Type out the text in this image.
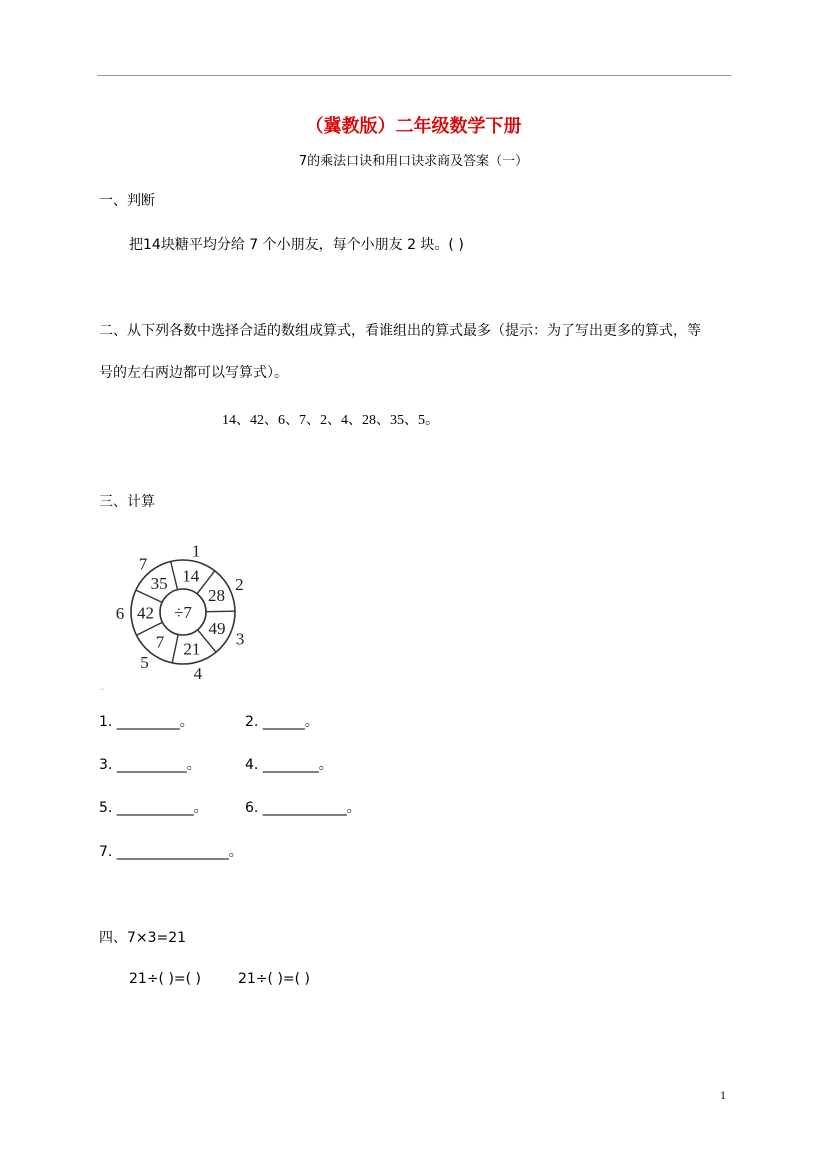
（冀教版）二年级数学下册
7的乘法口诀和用口诀求商及答案（一）
一、判断
把14块糖平均分给 7 个小朋友，每个小朋友 2 块。( )
二、从下列各数中选择合适的数组成算式，看谁组出的算式最多（提示：为了写出更多的算式，等
号的左右两边都可以写算式）。
14、42、6、7、2、4、28、35、5。
三、计算
14
28
49
21
7
42
35
1
2
3
4
5
6
7
÷7
~
1. _________。	2. ______。
3. __________。	4. ________。
5. ___________。	6. ____________。
7. ________________。
四、7×3=21
21÷( )=( )	21÷( )=( )
1
